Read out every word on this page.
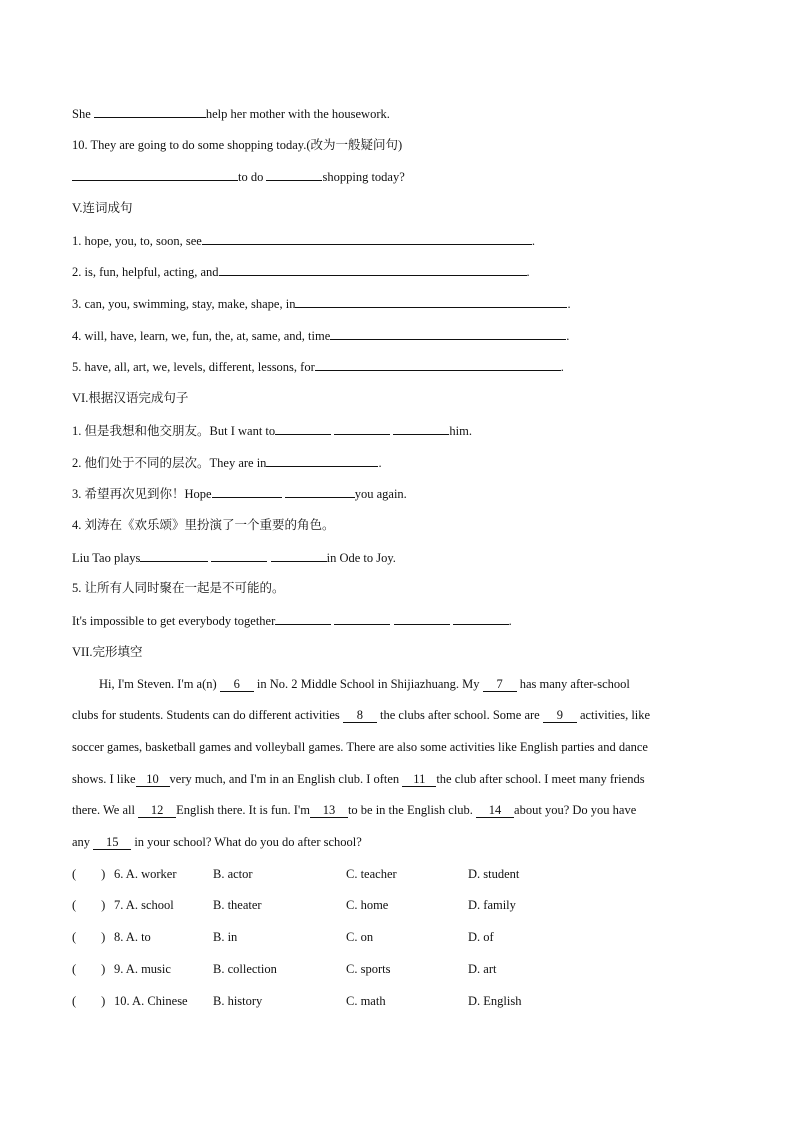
She	help her mother with the housework.
10. They are going to do some shopping today.(改为一般疑问句)
to do	shopping today?
V.连词成句
1. hope, you, to, soon, see	.
2. is, fun, helpful, acting, and	.
3. can, you, swimming, stay, make, shape, in	.
4. will, have, learn, we, fun, the, at, same, and, time	.
5. have, all, art, we, levels, different, lessons, for	.
VI.根据汉语完成句子
1. 但是我想和他交朋友。But I want to	him.
2. 他们处于不同的层次。They are in	.
3. 希望再次见到你！Hope	you again.
4. 刘涛在《欢乐颂》里扮演了一个重要的角色。
Liu Tao plays	in Ode to Joy.
5. 让所有人同时聚在一起是不可能的。
It's impossible to get everybody together	.
VII.完形填空
Hi, I'm Steven. I'm a(n) 6 in No. 2 Middle School in Shijiazhuang. My 7 has many after-school
clubs for students. Students can do different activities 8 the clubs after school. Some are 9 activities, like
soccer games, basketball games and volleyball games. There are also some activities like English parties and dance
shows. I like 10 very much, and I'm in an English club. I often 11 the club after school. I meet many friends
there. We all 12 English there. It is fun. I'm 13 to be in the English club. 14 about you? Do you have
any 15 in your school? What do you do after school?
(　　) 6. A. worker	B. actor	C. teacher	D. student
(　　) 7. A. school	B. theater	C. home	D. family
(　　) 8. A. to	B. in	C. on	D. of
(　　) 9. A. music	B. collection	C. sports	D. art
(　　) 10. A. Chinese B. history	C. math	D. English
